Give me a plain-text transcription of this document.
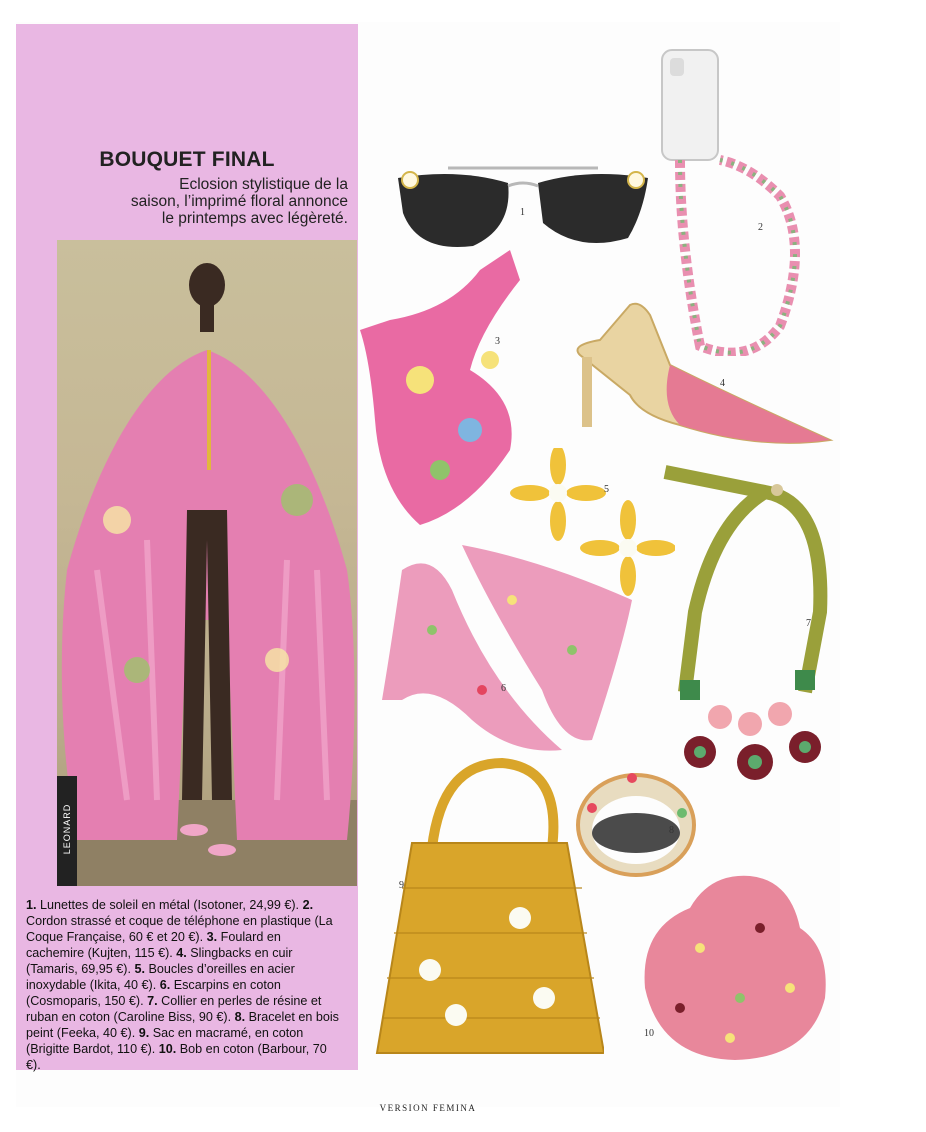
BOUQUET FINAL
Eclosion stylistique de la
saison, l’imprimé floral annonce
le printemps avec légèreté.
LEONARD
1. Lunettes de soleil en métal (Isotoner, 24,99 €). 2. Cordon strassé et coque de téléphone en plastique (La Coque Française, 60 € et 20 €). 3. Foulard en cachemire (Kujten, 115 €). 4. Slingbacks en cuir (Tamaris, 69,95 €). 5. Boucles d’oreilles en acier inoxydable (Ikita, 40 €). 6. Escarpins en coton (Cosmoparis, 150 €). 7. Collier en perles de résine et ruban en coton (Caroline Biss, 90 €). 8. Bracelet en bois peint (Feeka, 40 €). 9. Sac en macramé, en coton (Brigitte Bardot, 110 €). 10. Bob en coton (Barbour, 70 €).
1
2
3
4
5
6
7
8
9
10
VERSION FEMINA
